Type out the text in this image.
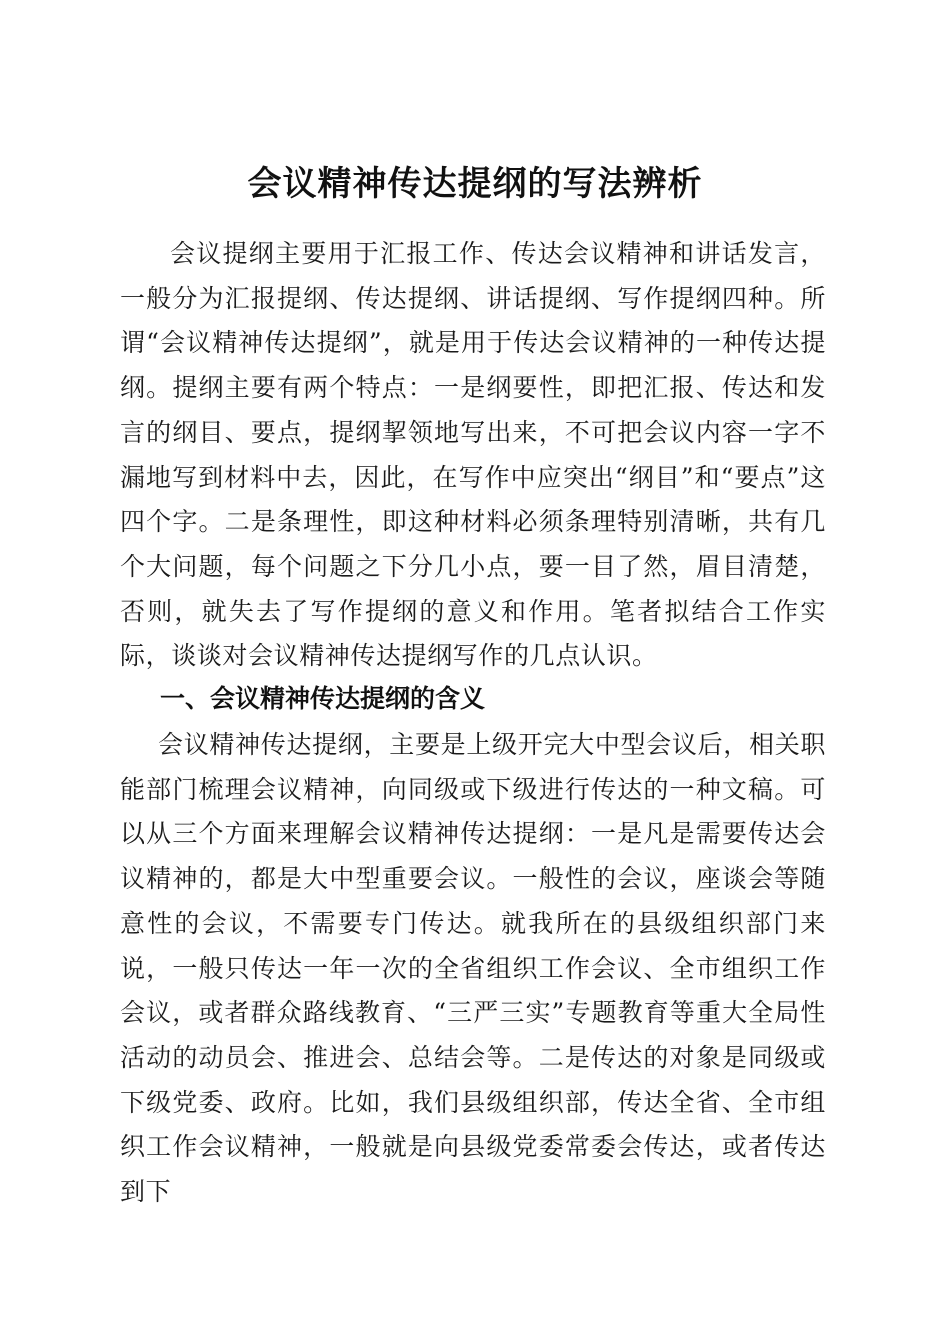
会议精神传达提纲的写法辨析

会议提纲主要用于汇报工作、传达会议精神和讲话发言，一般分为汇报提纲、传达提纲、讲话提纲、写作提纲四种。所谓“会议精神传达提纲”，就是用于传达会议精神的一种传达提纲。提纲主要有两个特点：一是纲要性，即把汇报、传达和发言的纲目、要点，提纲挈领地写出来，不可把会议内容一字不漏地写到材料中去，因此，在写作中应突出“纲目”和“要点”这四个字。二是条理性，即这种材料必须条理特别清晰，共有几个大问题，每个问题之下分几小点，要一目了然，眉目清楚，否则，就失去了写作提纲的意义和作用。笔者拟结合工作实际，谈谈对会议精神传达提纲写作的几点认识。

一、会议精神传达提纲的含义

会议精神传达提纲，主要是上级开完大中型会议后，相关职能部门梳理会议精神，向同级或下级进行传达的一种文稿。可以从三个方面来理解会议精神传达提纲：一是凡是需要传达会议精神的，都是大中型重要会议。一般性的会议，座谈会等随意性的会议，不需要专门传达。就我所在的县级组织部门来说，一般只传达一年一次的全省组织工作会议、全市组织工作会议，或者群众路线教育、“三严三实”专题教育等重大全局性活动的动员会、推进会、总结会等。二是传达的对象是同级或下级党委、政府。比如，我们县级组织部，传达全省、全市组织工作会议精神，一般就是向县级党委常委会传达，或者传达到下
